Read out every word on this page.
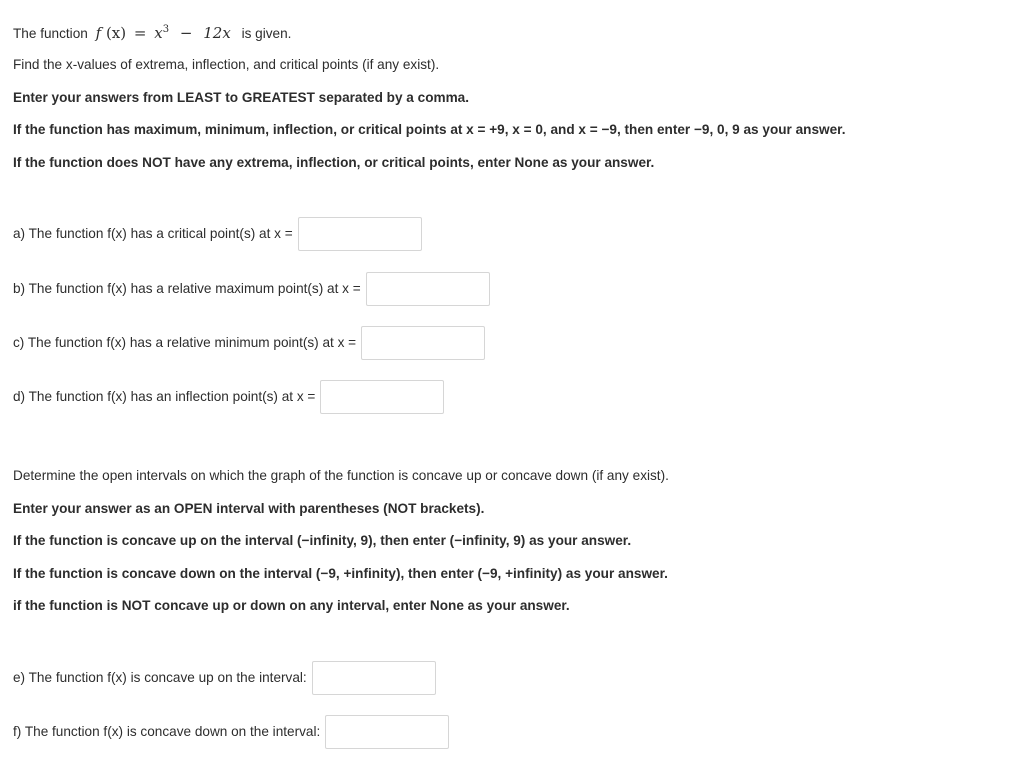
The function f $(x) = x^3 - 12x$ is given.
Find the x-values of extrema, inflection, and critical points (if any exist).
Enter your answers from LEAST to GREATEST separated by a comma.
If the function has maximum, minimum, inflection, or critical points at x = +9, x = 0, and x = −9, then enter −9, 0, 9 as your answer.
If the function does NOT have any extrema, inflection, or critical points, enter None as your answer.
a) The function f(x) has a critical point(s) at x =
b) The function f(x) has a relative maximum point(s) at x =
c) The function f(x) has a relative minimum point(s) at x =
d) The function f(x) has an inflection point(s) at x =
Determine the open intervals on which the graph of the function is concave up or concave down (if any exist).
Enter your answer as an OPEN interval with parentheses (NOT brackets).
If the function is concave up on the interval (−infinity, 9), then enter (−infinity, 9) as your answer.
If the function is concave down on the interval (−9, +infinity), then enter (−9, +infinity) as your answer.
if the function is NOT concave up or down on any interval, enter None as your answer.
e) The function f(x) is concave up on the interval:
f) The function f(x) is concave down on the interval:
